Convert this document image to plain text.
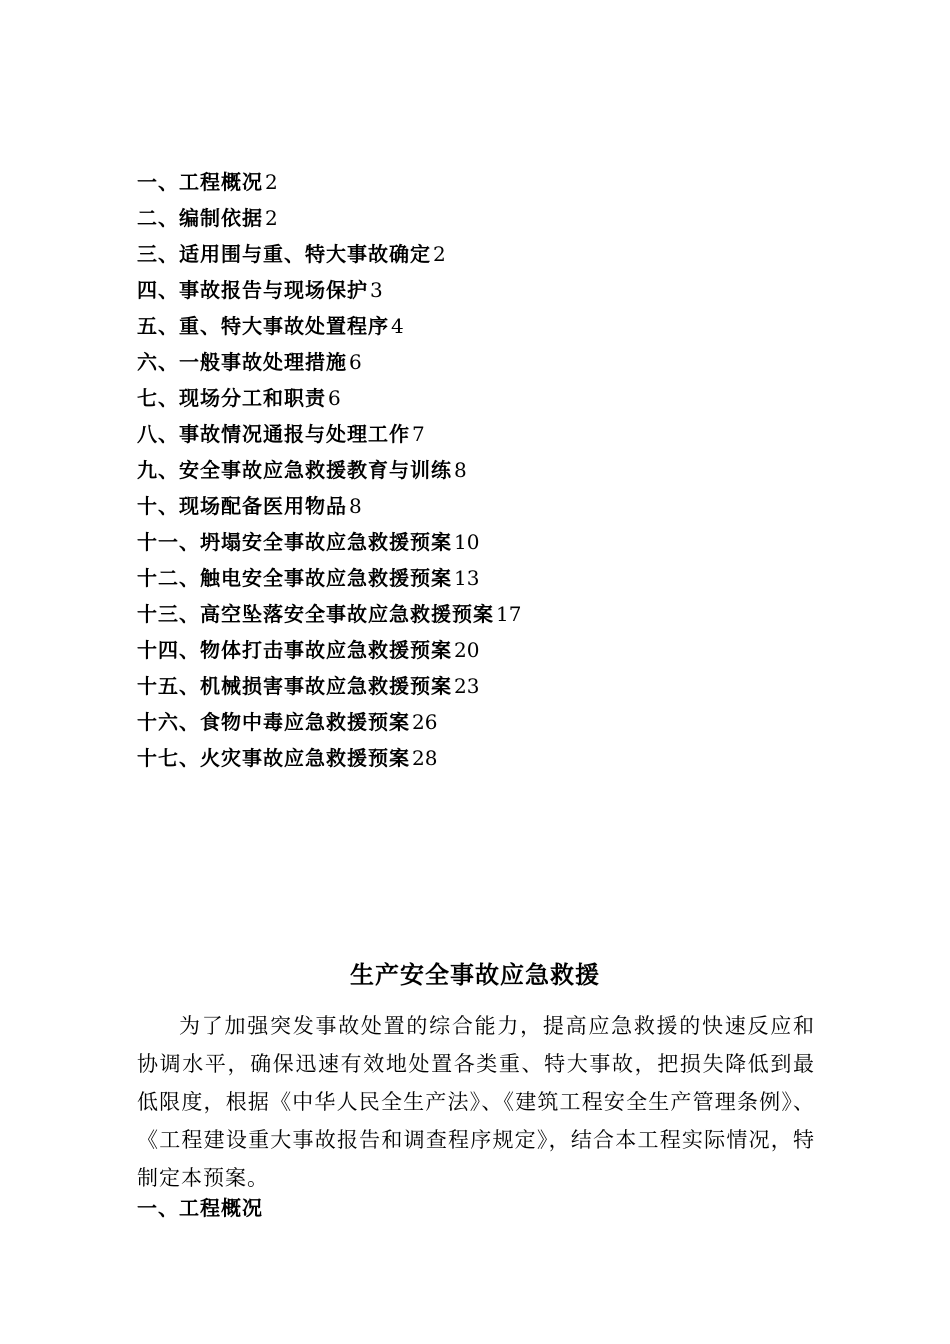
一、工程概况 2
二、编制依据 2
三、适用围与重、特大事故确定 2
四、事故报告与现场保护 3
五、重、特大事故处置程序 4
六、一般事故处理措施 6
七、现场分工和职责 6
八、事故情况通报与处理工作 7
九、安全事故应急救援教育与训练 8
十、现场配备医用物品 8
十一、坍塌安全事故应急救援预案 10
十二、触电安全事故应急救援预案 13
十三、高空坠落安全事故应急救援预案 17
十四、物体打击事故应急救援预案 20
十五、机械损害事故应急救援预案 23
十六、食物中毒应急救援预案 26
十七、火灾事故应急救援预案 28
生产安全事故应急救援

为了加强突发事故处置的综合能力，提高应急救援的快速反应和协调水平，确保迅速有效地处置各类重、特大事故，把损失降低到最低限度，根据《中华人民全生产法》、《建筑工程安全生产管理条例》、《工程建设重大事故报告和调查程序规定》，结合本工程实际情况，特制定本预案。

一、工程概况
